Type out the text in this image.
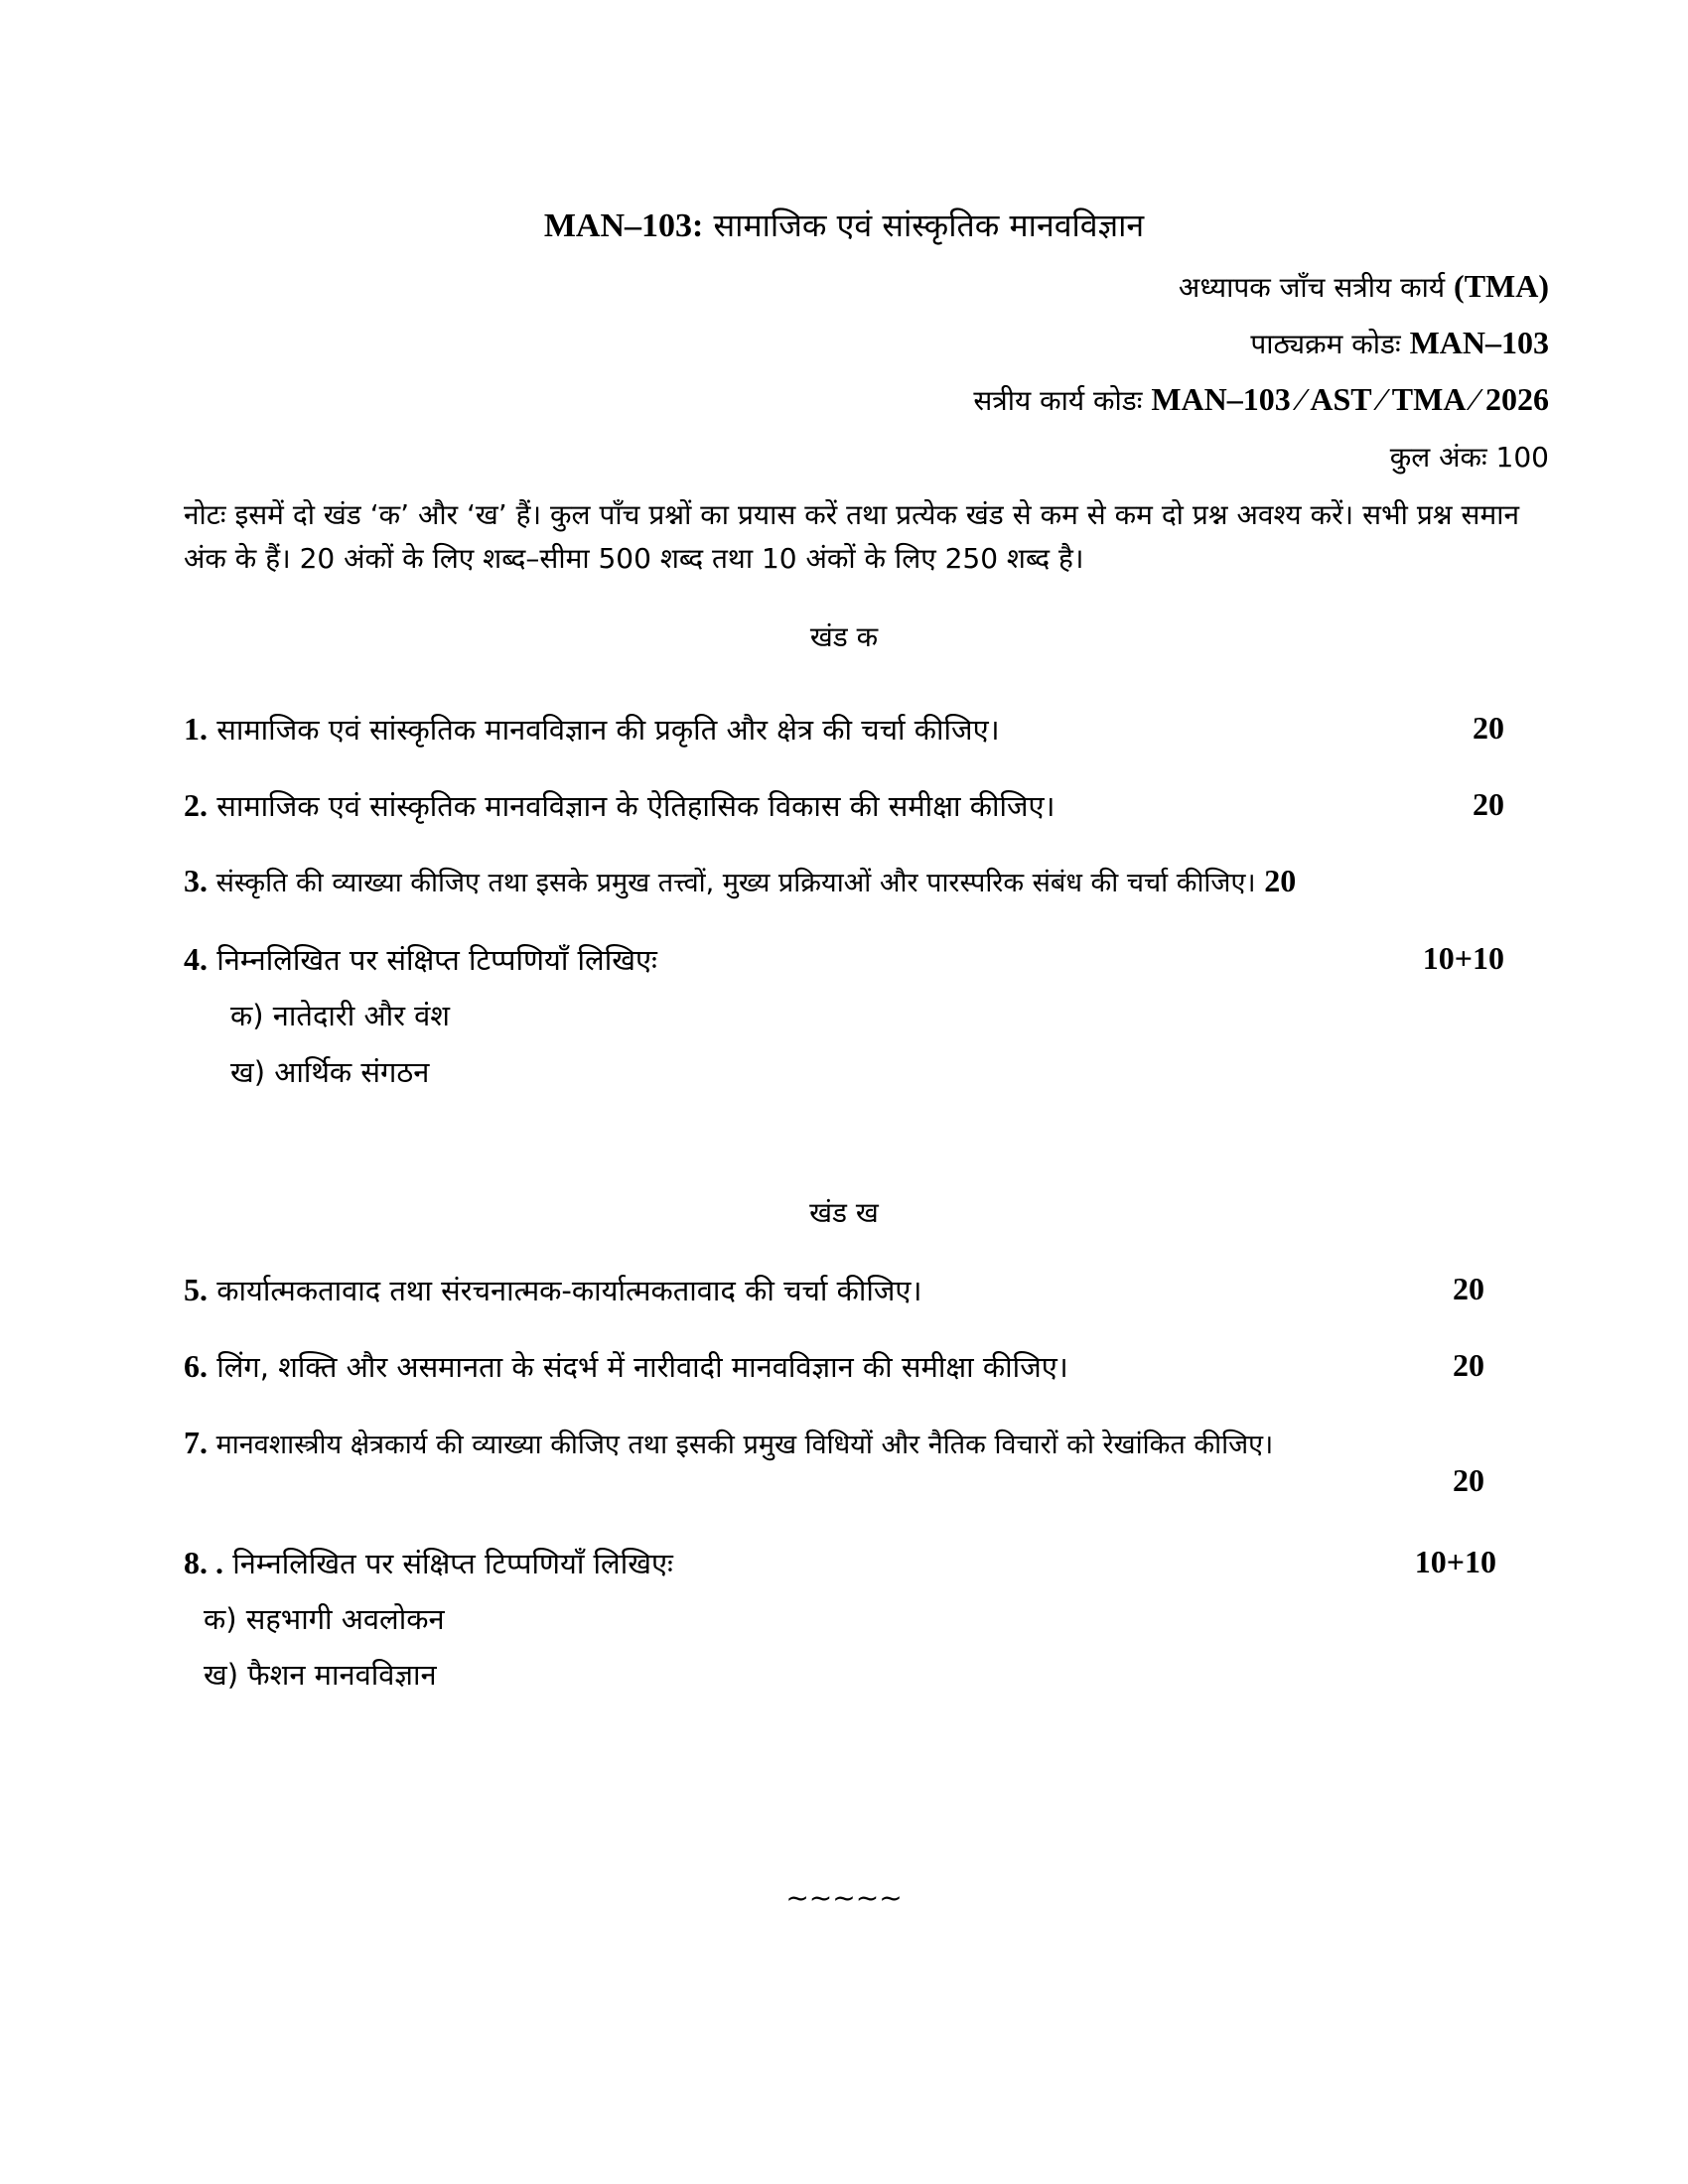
MAN–103: सामाजिक एवं सांस्कृतिक मानवविज्ञान
अध्यापक जाँच सत्रीय कार्य (TMA)
पाठ्यक्रम कोडः MAN–103
सत्रीय कार्य कोडः MAN–103 ⁄ AST ⁄ TMA ⁄ 2026
कुल अंकः 100
नोटः इसमें दो खंड ‘क’ और ‘ख’ हैं। कुल पाँच प्रश्नों का प्रयास करें तथा प्रत्येक खंड से कम से कम दो प्रश्न अवश्य करें। सभी प्रश्न समान अंक के हैं। 20 अंकों के लिए शब्द–सीमा 500 शब्द तथा 10 अंकों के लिए 250 शब्द है।
खंड क
1. सामाजिक एवं सांस्कृतिक मानवविज्ञान की प्रकृति और क्षेत्र की चर्चा कीजिए।	20
2. सामाजिक एवं सांस्कृतिक मानवविज्ञान के ऐतिहासिक विकास की समीक्षा कीजिए।	20
3. संस्कृति की व्याख्या कीजिए तथा इसके प्रमुख तत्त्वों, मुख्य प्रक्रियाओं और पारस्परिक संबंध की चर्चा कीजिए। 20
4. निम्नलिखित पर संक्षिप्त टिप्पणियाँ लिखिएः	10+10
क) नातेदारी और वंश
ख) आर्थिक संगठन
खंड ख
5. कार्यात्मकतावाद तथा संरचनात्मक-कार्यात्मकतावाद की चर्चा कीजिए।	20
6. लिंग, शक्ति और असमानता के संदर्भ में नारीवादी मानवविज्ञान की समीक्षा कीजिए।	20
7. मानवशास्त्रीय क्षेत्रकार्य की व्याख्या कीजिए तथा इसकी प्रमुख विधियों और नैतिक विचारों को रेखांकित कीजिए।
20
8. . निम्नलिखित पर संक्षिप्त टिप्पणियाँ लिखिएः	10+10
क) सहभागी अवलोकन
ख) फैशन मानवविज्ञान
~~~~~
